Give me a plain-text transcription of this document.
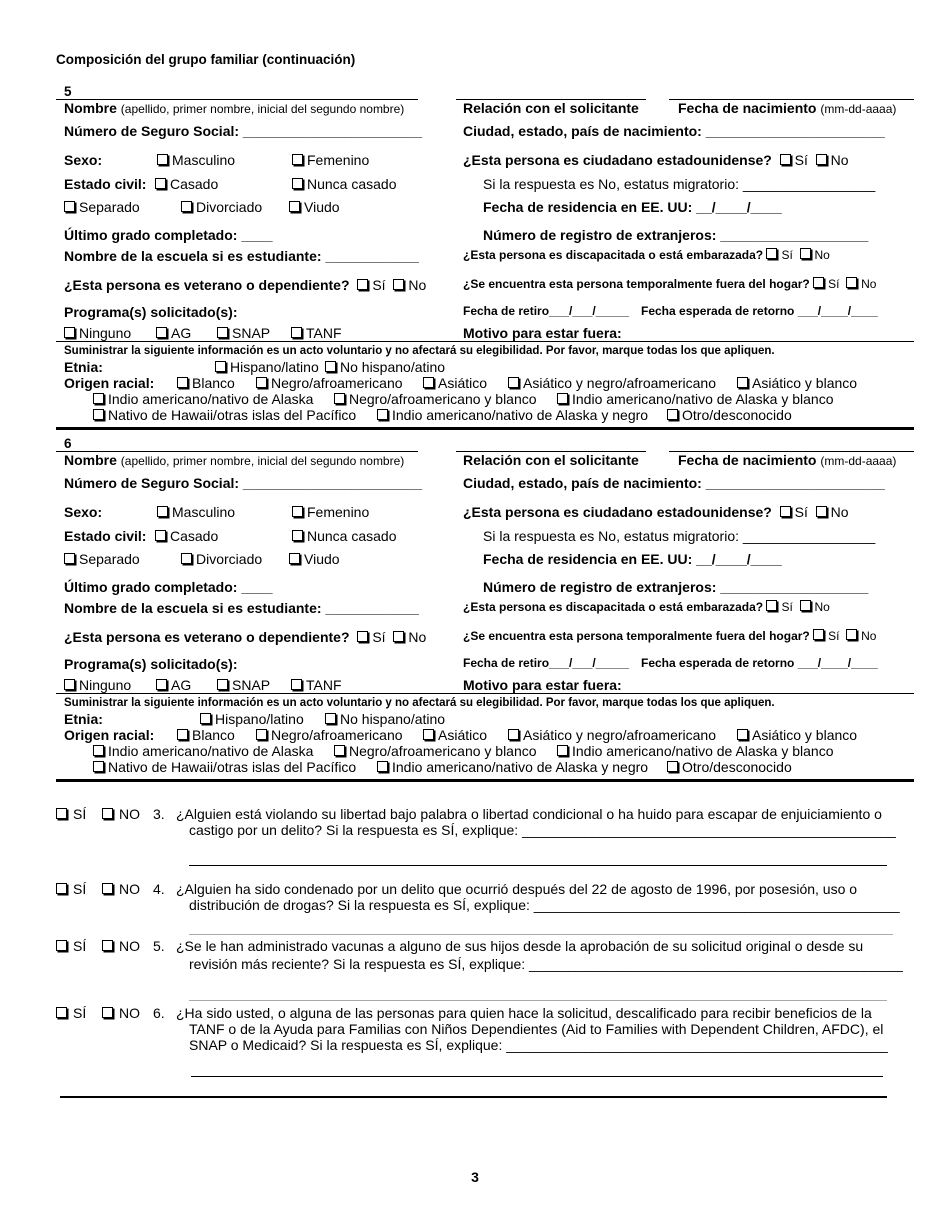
Composición del grupo familiar (continuación)
5
Nombre (apellido, primer nombre, inicial del segundo nombre)	Relación con el solicitante	Fecha de nacimiento (mm-dd-aaaa)
Número de Seguro Social: _______________________	Ciudad, estado, país de nacimiento: _______________________
Sexo:	Masculino	Femenino	¿Esta persona es ciudadano estadounidense? Sí No
Estado civil:	Casado	Nunca casado	Si la respuesta es No, estatus migratorio: _________________
Separado	Divorciado	Viudo	Fecha de residencia en EE. UU: __/____/____
Último grado completado: ____	Número de registro de extranjeros: ___________________
Nombre de la escuela si es estudiante: ____________	¿Esta persona es discapacitada o está embarazada? Sí No
¿Esta persona es veterano o dependiente? Sí No	¿Se encuentra esta persona temporalmente fuera del hogar? Sí No
Programa(s) solicitado(s):	Fecha de retiro___/___/_____ Fecha esperada de retorno ___/____/____
Ninguno	AG	SNAP	TANF	Motivo para estar fuera:
Suministrar la siguiente información es un acto voluntario y no afectará su elegibilidad. Por favor, marque todas los que apliquen.
Etnia:	Hispano/latino	No hispano/atino
Origen racial:	Blanco	Negro/afroamericano	Asiático	Asiático y negro/afroamericano	Asiático y blanco
Indio americano/nativo de Alaska	Negro/afroamericano y blanco	Indio americano/nativo de Alaska y blanco
Nativo de Hawaii/otras islas del Pacífico	Indio americano/nativo de Alaska y negro	Otro/desconocido
6
Nombre (apellido, primer nombre, inicial del segundo nombre)	Relación con el solicitante	Fecha de nacimiento (mm-dd-aaaa)
Número de Seguro Social: _______________________	Ciudad, estado, país de nacimiento: _______________________
Sexo:	Masculino	Femenino	¿Esta persona es ciudadano estadounidense? Sí No
Estado civil:	Casado	Nunca casado	Si la respuesta es No, estatus migratorio: _________________
Separado	Divorciado	Viudo	Fecha de residencia en EE. UU: __/____/____
Último grado completado: ____	Número de registro de extranjeros: ___________________
Nombre de la escuela si es estudiante: ____________	¿Esta persona es discapacitada o está embarazada? Sí No
¿Esta persona es veterano o dependiente? Sí No	¿Se encuentra esta persona temporalmente fuera del hogar? Sí No
Programa(s) solicitado(s):	Fecha de retiro___/___/_____ Fecha esperada de retorno ___/____/____
Ninguno	AG	SNAP	TANF	Motivo para estar fuera:
Suministrar la siguiente información es un acto voluntario y no afectará su elegibilidad. Por favor, marque todas los que apliquen.
Etnia:	Hispano/latino	No hispano/atino
Origen racial:	Blanco	Negro/afroamericano	Asiático	Asiático y negro/afroamericano	Asiático y blanco
Indio americano/nativo de Alaska	Negro/afroamericano y blanco	Indio americano/nativo de Alaska y blanco
Nativo de Hawaii/otras islas del Pacífico	Indio americano/nativo de Alaska y negro	Otro/desconocido
SÍ	NO 3. ¿Alguien está violando su libertad bajo palabra o libertad condicional o ha huido para escapar de enjuiciamiento o
castigo por un delito? Si la respuesta es SÍ, explique: ________________________________________________
SÍ	NO 4. ¿Alguien ha sido condenado por un delito que ocurrió después del 22 de agosto de 1996, por posesión, uso o
distribución de drogas? Si la respuesta es SÍ, explique: _______________________________________________
SÍ	NO 5. ¿Se le han administrado vacunas a alguno de sus hijos desde la aprobación de su solicitud original o desde su
revisión más reciente? Si la respuesta es SÍ, explique: ________________________________________________
SÍ	NO 6. ¿Ha sido usted, o alguna de las personas para quien hace la solicitud, descalificado para recibir beneficios de la
TANF o de la Ayuda para Familias con Niños Dependientes (Aid to Families with Dependent Children, AFDC), el
SNAP o Medicaid? Si la respuesta es SÍ, explique: _________________________________________________
3
